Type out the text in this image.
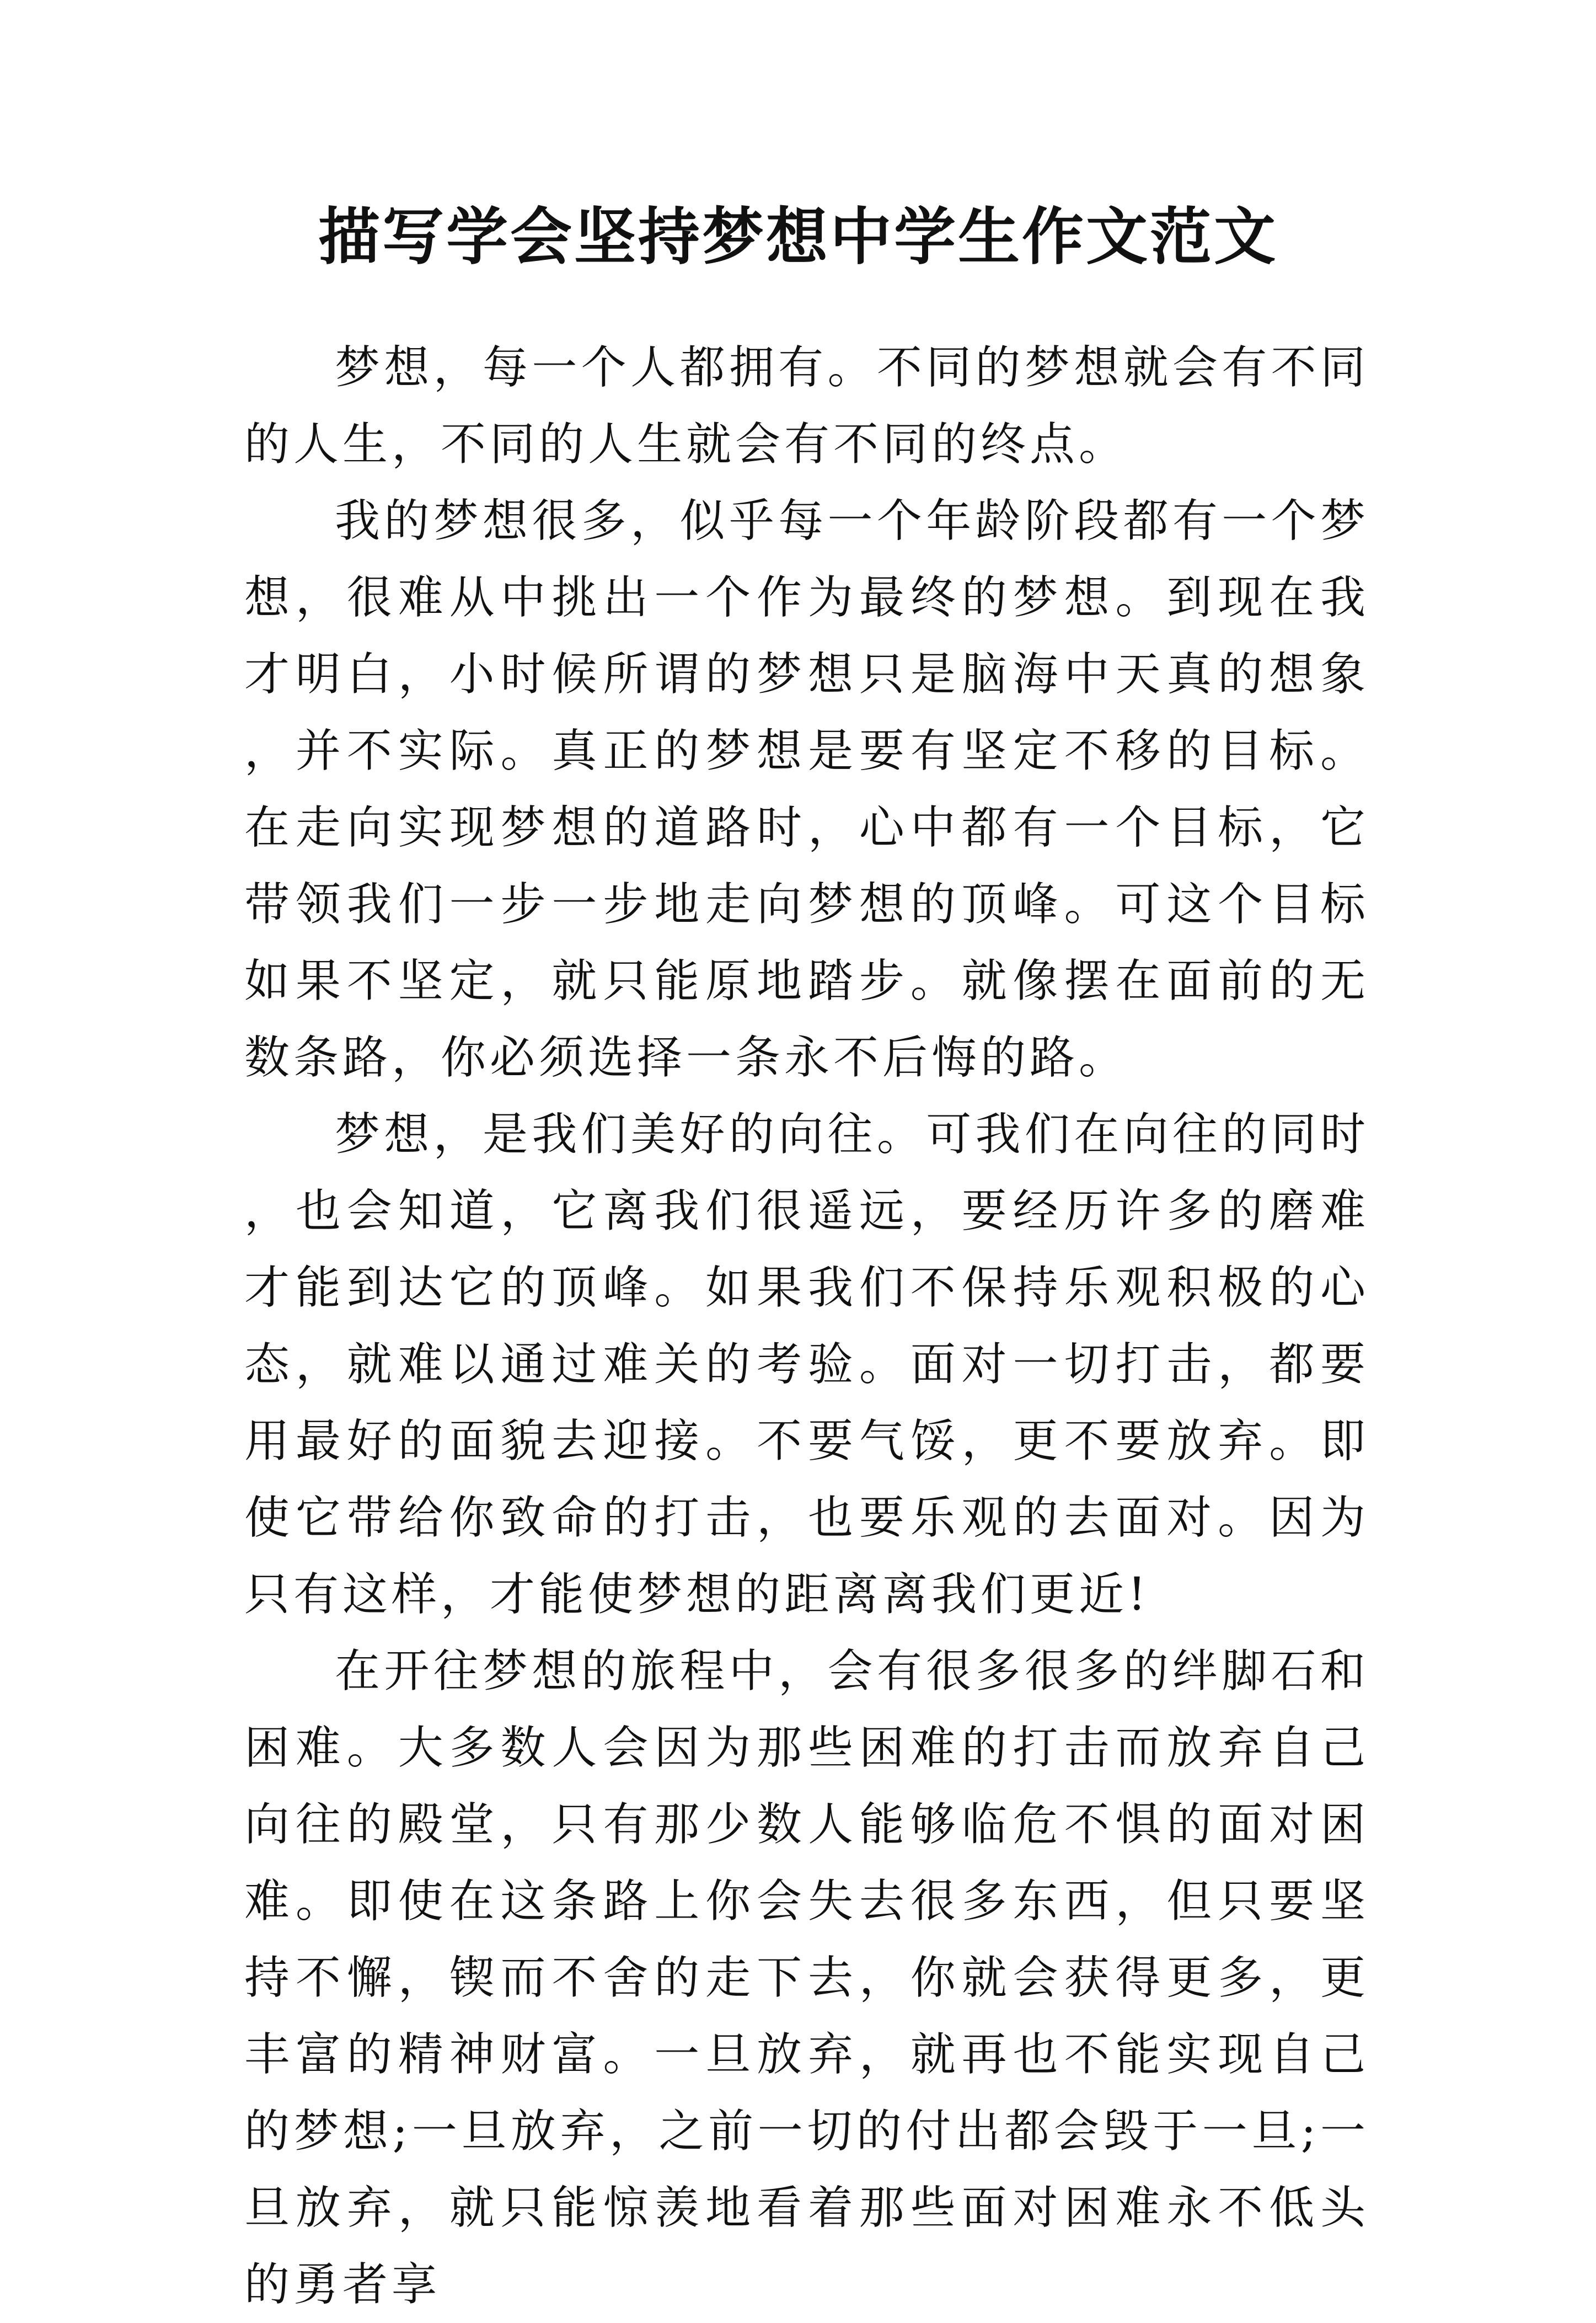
描写学会坚持梦想中学生作文范文

梦想，每一个人都拥有。不同的梦想就会有不同的人生，不同的人生就会有不同的终点。

我的梦想很多，似乎每一个年龄阶段都有一个梦想，很难从中挑出一个作为最终的梦想。到现在我才明白，小时候所谓的梦想只是脑海中天真的想象，并不实际。真正的梦想是要有坚定不移的目标。在走向实现梦想的道路时，心中都有一个目标，它带领我们一步一步地走向梦想的顶峰。可这个目标如果不坚定，就只能原地踏步。就像摆在面前的无数条路，你必须选择一条永不后悔的路。

梦想，是我们美好的向往。可我们在向往的同时，也会知道，它离我们很遥远，要经历许多的磨难才能到达它的顶峰。如果我们不保持乐观积极的心态，就难以通过难关的考验。面对一切打击，都要用最好的面貌去迎接。不要气馁，更不要放弃。即使它带给你致命的打击，也要乐观的去面对。因为只有这样，才能使梦想的距离离我们更近!

在开往梦想的旅程中，会有很多很多的绊脚石和困难。大多数人会因为那些困难的打击而放弃自己向往的殿堂，只有那少数人能够临危不惧的面对困难。即使在这条路上你会失去很多东西，但只要坚持不懈，锲而不舍的走下去，你就会获得更多，更丰富的精神财富。一旦放弃，就再也不能实现自己的梦想;一旦放弃，之前一切的付出都会毁于一旦;一旦放弃，就只能惊羡地看着那些面对困难永不低头的勇者享
